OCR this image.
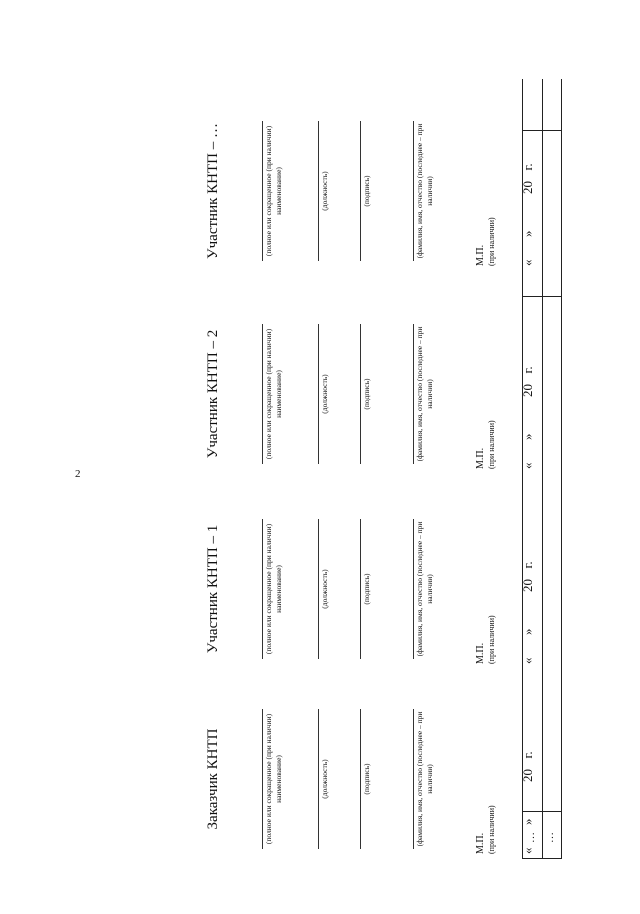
2
… …
Заказчик КНТП	(полное или сокращенное (при наличии) наименование)	(должность)	(подпись)	(фамилия, имя, отчество (последнее – при наличии)
М.П. (при наличии) «  »  20  г.
Участник КНТП – 1	(полное или сокращенное (при наличии) наименование)	(должность)	(подпись)	(фамилия, имя, отчество (последнее – при наличии)
М.П. (при наличии) «  »  20  г.
Участник КНТП – 2	(полное или сокращенное (при наличии) наименование)	(должность)	(подпись)	(фамилия, имя, отчество (последнее – при наличии)
М.П. (при наличии) «  »  20  г.
Участник КНТП – …	(полное или сокращенное (при наличии) наименование)	(должность)	(подпись)	(фамилия, имя, отчество (последнее – при наличии)
М.П. (при наличии) «  »  20  г.
